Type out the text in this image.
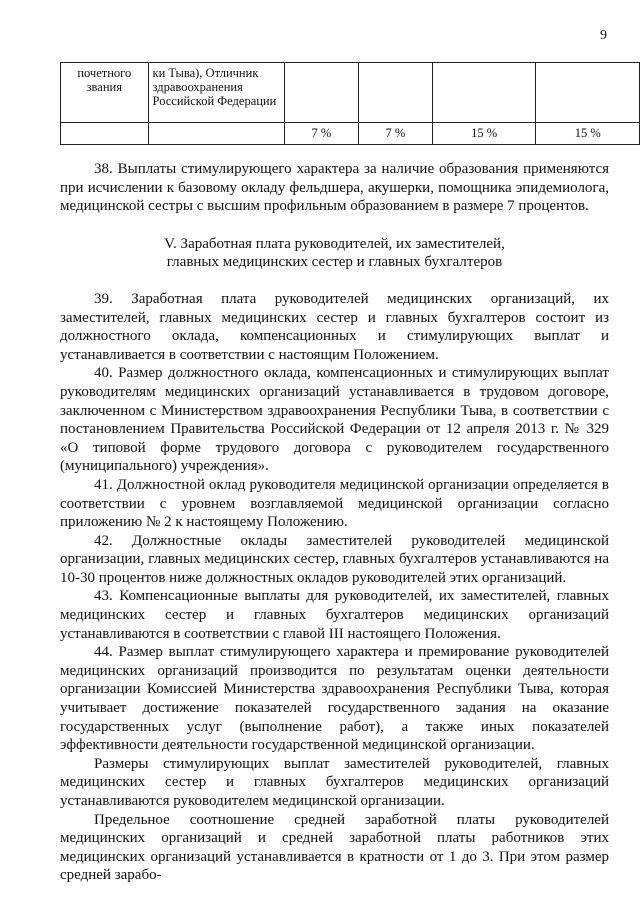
9
почетного звания	ки Тыва), Отличник здравоохранения Российской Федерации				
		7 %	7 %	15 %	15 %

38. Выплаты стимулирующего характера за наличие образования применяются при исчислении к базовому окладу фельдшера, акушерки, помощника эпидемиолога, медицинской сестры с высшим профильным образованием в размере 7 процентов.

V. Заработная плата руководителей, их заместителей,
главных медицинских сестер и главных бухгалтеров

39. Заработная плата руководителей медицинских организаций, их заместителей, главных медицинских сестер и главных бухгалтеров состоит из должностного оклада, компенсационных и стимулирующих выплат и устанавливается в соответствии с настоящим Положением.

40. Размер должностного оклада, компенсационных и стимулирующих выплат руководителям медицинских организаций устанавливается в трудовом договоре, заключенном с Министерством здравоохранения Республики Тыва, в соответствии с постановлением Правительства Российской Федерации от 12 апреля 2013 г. № 329 «О типовой форме трудового договора с руководителем государственного (муниципального) учреждения».

41. Должностной оклад руководителя медицинской организации определяется в соответствии с уровнем возглавляемой медицинской организации согласно приложению № 2 к настоящему Положению.

42. Должностные оклады заместителей руководителей медицинской организации, главных медицинских сестер, главных бухгалтеров устанавливаются на 10-30 процентов ниже должностных окладов руководителей этих организаций.

43. Компенсационные выплаты для руководителей, их заместителей, главных медицинских сестер и главных бухгалтеров медицинских организаций устанавливаются в соответствии с главой III настоящего Положения.

44. Размер выплат стимулирующего характера и премирование руководителей медицинских организаций производится по результатам оценки деятельности организации Комиссией Министерства здравоохранения Республики Тыва, которая учитывает достижение показателей государственного задания на оказание государственных услуг (выполнение работ), а также иных показателей эффективности деятельности государственной медицинской организации.

Размеры стимулирующих выплат заместителей руководителей, главных медицинских сестер и главных бухгалтеров медицинских организаций устанавливаются руководителем медицинской организации.

Предельное соотношение средней заработной платы руководителей медицинских организаций и средней заработной платы работников этих медицинских организаций устанавливается в кратности от 1 до 3. При этом размер средней зарабо-
